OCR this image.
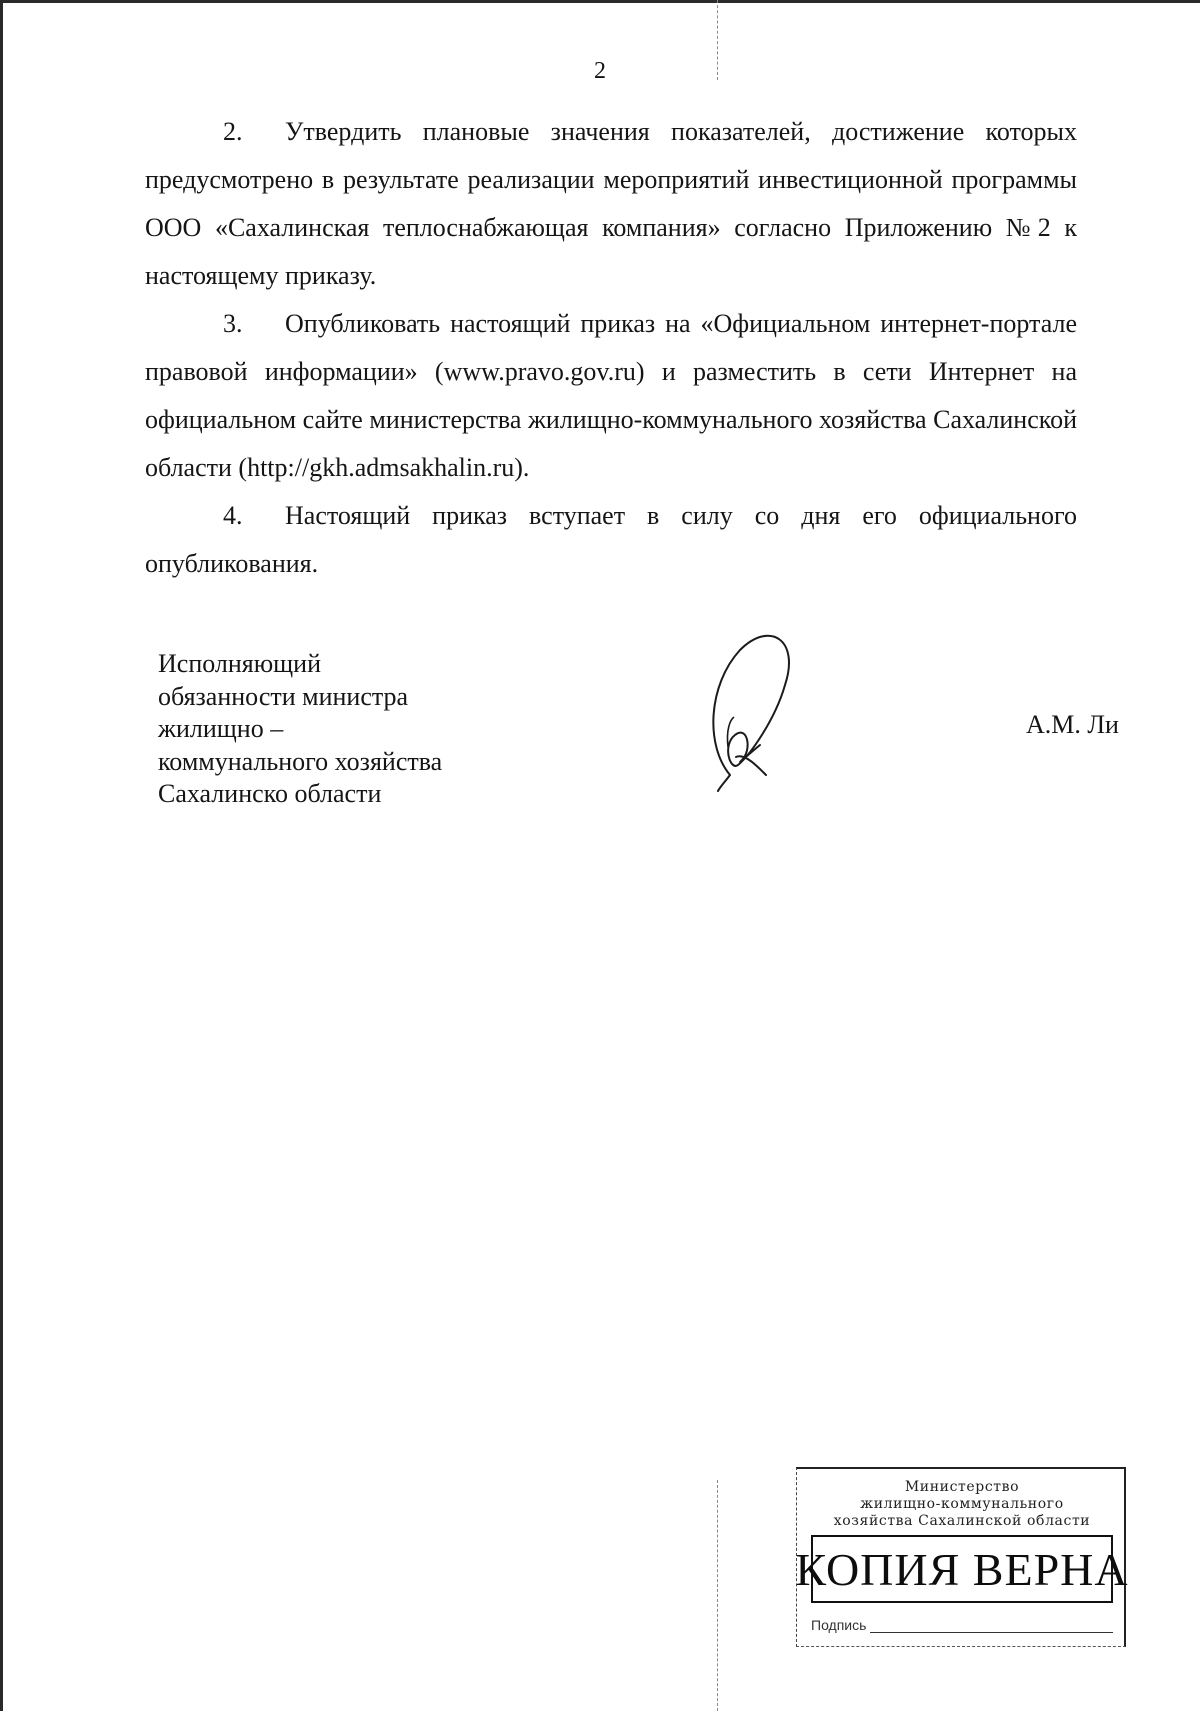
2

2. Утвердить плановые значения показателей, достижение которых предусмотрено в результате реализации мероприятий инвестиционной программы ООО «Сахалинская теплоснабжающая компания» согласно Приложению №2 к настоящему приказу.

3. Опубликовать настоящий приказ на «Официальном интернет-портале правовой информации» (www.pravo.gov.ru) и разместить в сети Интернет на официальном сайте министерства жилищно-коммунального хозяйства Сахалинской области (http://gkh.admsakhalin.ru).

4. Настоящий приказ вступает в силу со дня его официального опубликования.

Исполняющий
обязанности министра
жилищно –
коммунального хозяйства
Сахалинско области
А.М. Ли
Министерство
жилищно-коммунального
хозяйства Сахалинской области
КОПИЯ ВЕРНА
Подпись
